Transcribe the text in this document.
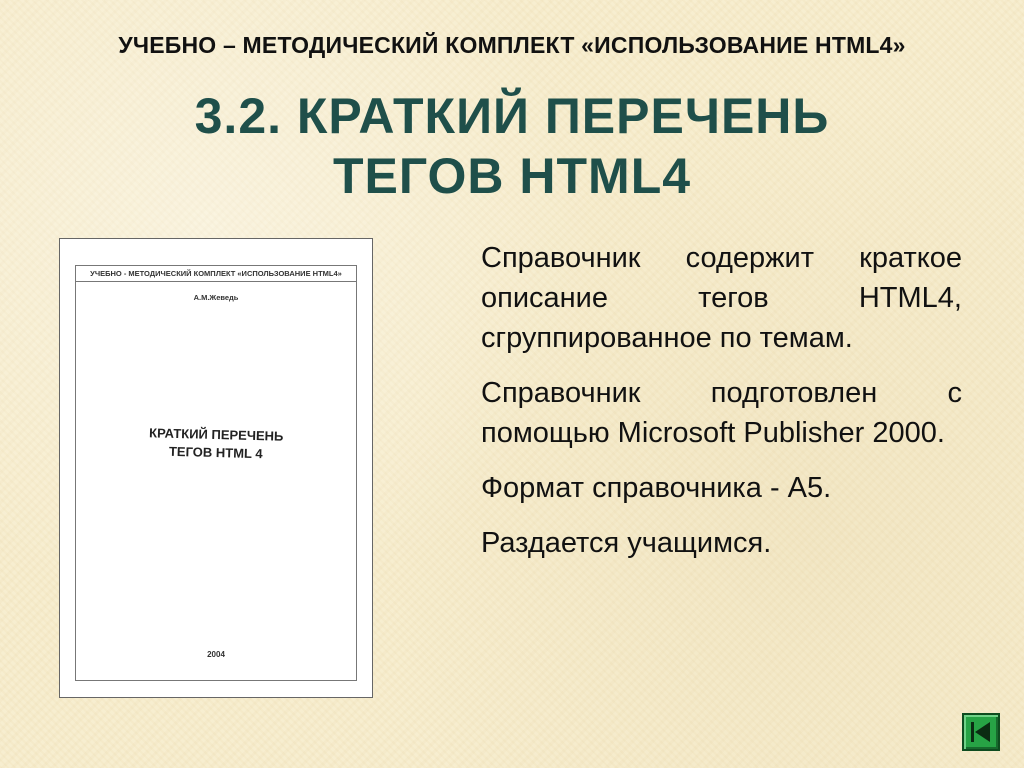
УЧЕБНО – МЕТОДИЧЕСКИЙ КОМПЛЕКТ «ИСПОЛЬЗОВАНИЕ HTML4»
3.2. КРАТКИЙ ПЕРЕЧЕНЬ
ТЕГОВ HTML4
УЧЕБНО - МЕТОДИЧЕСКИЙ КОМПЛЕКТ «ИСПОЛЬЗОВАНИЕ HTML4»
А.М.Жеведь
КРАТКИЙ ПЕРЕЧЕНЬ
ТЕГОВ HTML 4
2004

Справочник содержит краткое описание тегов HTML4, сгруппированное по темам.

Справочник подготовлен с помощью Microsoft Publisher 2000.

Формат справочника - А5.

Раздается учащимся.
